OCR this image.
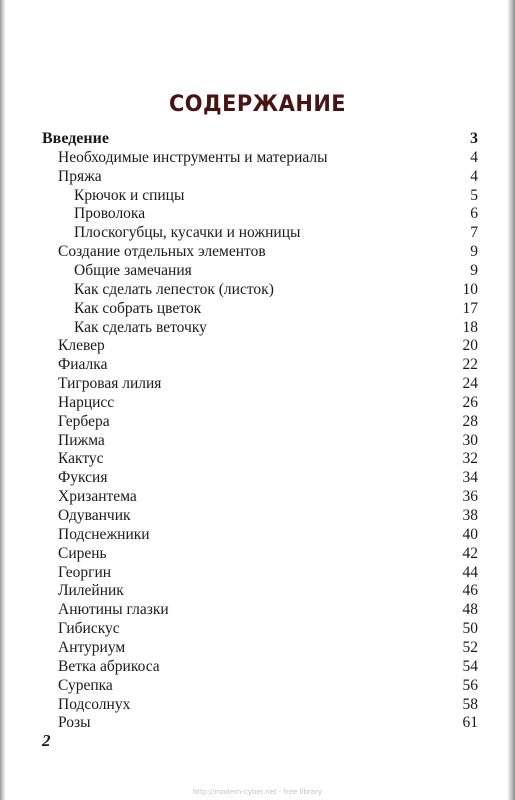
СОДЕРЖАНИЕ
Введение	3
Необходимые инструменты и материалы	4
Пряжа	4
Крючок и спицы	5
Проволока	6
Плоскогубцы, кусачки и ножницы	7
Создание отдельных элементов	9
Общие замечания	9
Как сделать лепесток (листок)	10
Как собрать цветок	17
Как сделать веточку	18
Клевер	20
Фиалка	22
Тигровая лилия	24
Нарцисс	26
Гербера	28
Пижма	30
Кактус	32
Фуксия	34
Хризантема	36
Одуванчик	38
Подснежники	40
Сирень	42
Георгин	44
Лилейник	46
Анютины глазки	48
Гибискус	50
Антуриум	52
Ветка абрикоса	54
Сурепка	56
Подсолнух	58
Розы	61
2
http://modern-cyber.net - free library
